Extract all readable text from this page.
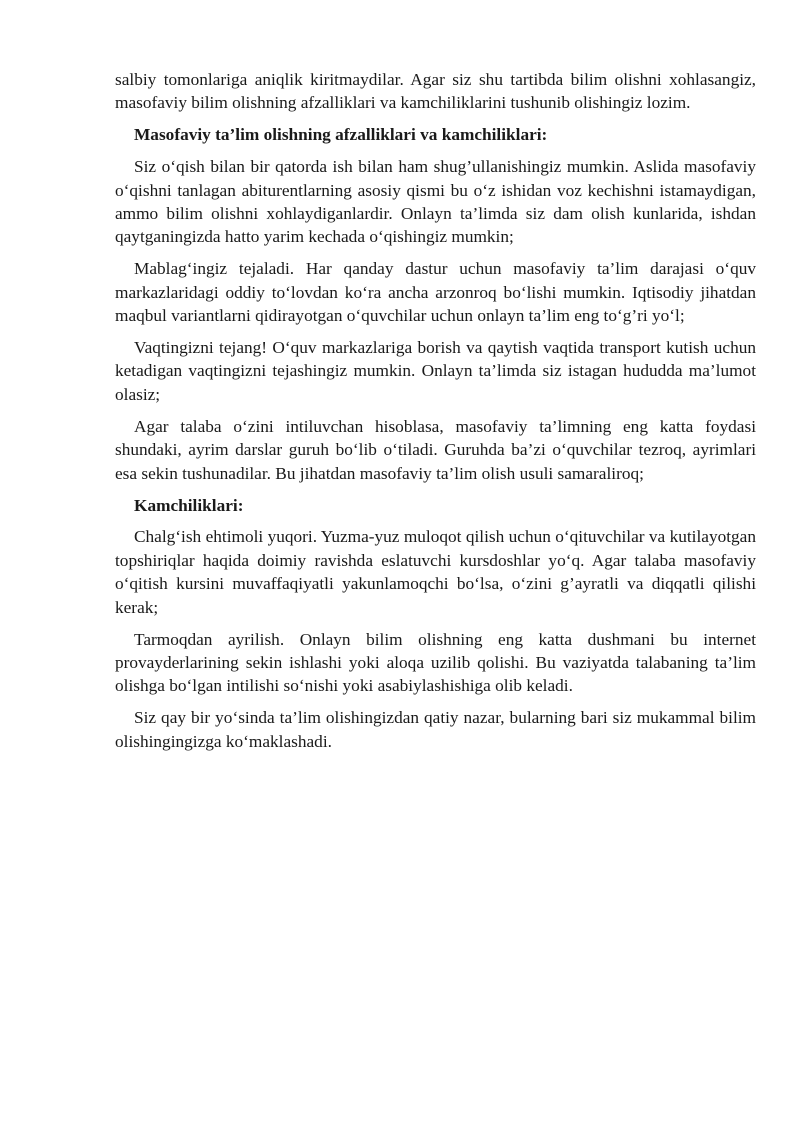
salbiy tomonlariga aniqlik kiritmaydilar. Agar siz shu tartibda bilim olishni xohlasangiz, masofaviy bilim olishning afzalliklari va kamchiliklarini tushunib olishingiz lozim.

Masofaviy ta’lim olishning afzalliklari va kamchiliklari:

Siz o‘qish bilan bir qatorda ish bilan ham shug’ullanishingiz mumkin. Aslida masofaviy o‘qishni tanlagan abiturentlarning asosiy qismi bu o‘z ishidan voz kechishni istamaydigan, ammo bilim olishni xohlaydiganlardir. Onlayn ta’limda siz dam olish kunlarida, ishdan qaytganingizda hatto yarim kechada o‘qishingiz mumkin;

Mablag‘ingiz tejaladi. Har qanday dastur uchun masofaviy ta’lim darajasi o‘quv markazlaridagi oddiy to‘lovdan ko‘ra ancha arzonroq bo‘lishi mumkin. Iqtisodiy jihatdan maqbul variantlarni qidirayotgan o‘quvchilar uchun onlayn ta’lim eng to‘g’ri yo‘l;

Vaqtingizni tejang! O‘quv markazlariga borish va qaytish vaqtida transport kutish uchun ketadigan vaqtingizni tejashingiz mumkin. Onlayn ta’limda siz istagan hududda ma’lumot olasiz;

Agar talaba o‘zini intiluvchan hisoblasa, masofaviy ta’limning eng katta foydasi shundaki, ayrim darslar guruh bo‘lib o‘tiladi. Guruhda ba’zi o‘quvchilar tezroq, ayrimlari esa sekin tushunadilar. Bu jihatdan masofaviy ta’lim olish usuli samaraliroq;

Kamchiliklari:

Chalg‘ish ehtimoli yuqori. Yuzma-yuz muloqot qilish uchun o‘qituvchilar va kutilayotgan topshiriqlar haqida doimiy ravishda eslatuvchi kursdoshlar yo‘q. Agar talaba masofaviy o‘qitish kursini muvaffaqiyatli yakunlamoqchi bo‘lsa, o‘zini g’ayratli va diqqatli qilishi kerak;

Tarmoqdan ayrilish. Onlayn bilim olishning eng katta dushmani bu internet provayderlarining sekin ishlashi yoki aloqa uzilib qolishi. Bu vaziyatda talabaning ta’lim olishga bo‘lgan intilishi so‘nishi yoki asabiylashishiga olib keladi.

Siz qay bir yo‘sinda ta’lim olishingizdan qatiy nazar, bularning bari siz mukammal bilim olishingingizga ko‘maklashadi.
